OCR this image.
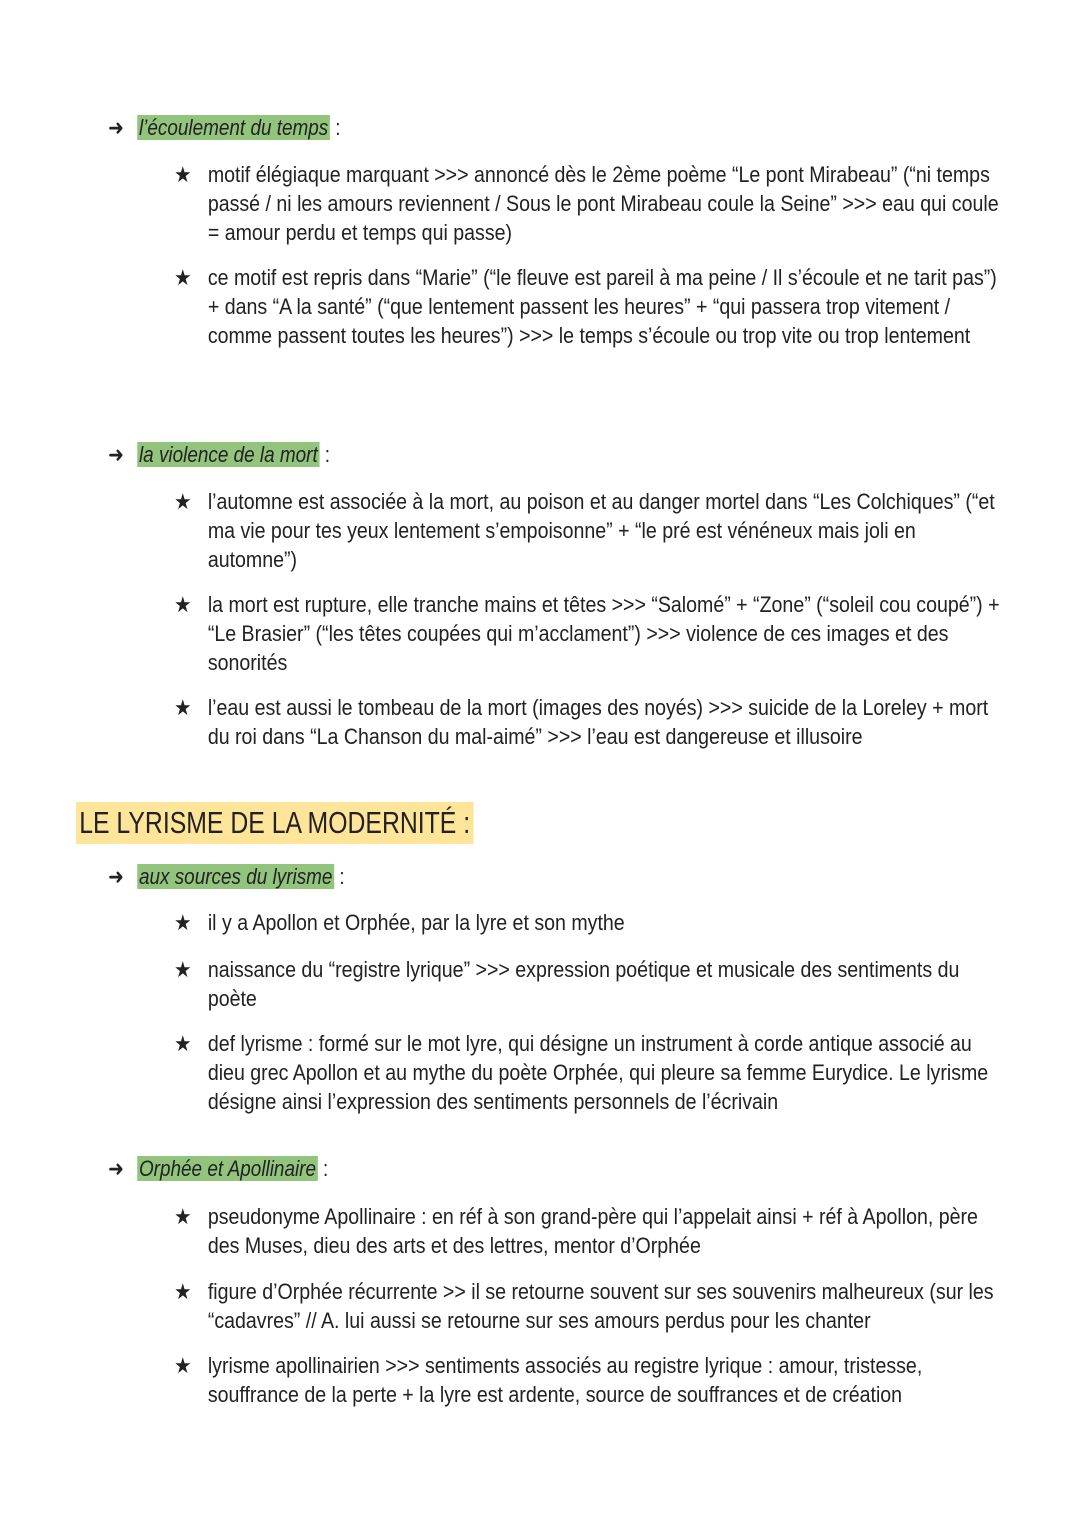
➜ l’écoulement du temps :
★ motif élégiaque marquant >>> annoncé dès le 2ème poème “Le pont Mirabeau” (“ni temps passé / ni les amours reviennent / Sous le pont Mirabeau coule la Seine” >>> eau qui coule = amour perdu et temps qui passe)
★ ce motif est repris dans “Marie” (“le fleuve est pareil à ma peine / Il s’écoule et ne tarit pas”) + dans “A la santé” (“que lentement passent les heures” + “qui passera trop vitement / comme passent toutes les heures”) >>> le temps s’écoule ou trop vite ou trop lentement
➜ la violence de la mort :
★ l’automne est associée à la mort, au poison et au danger mortel dans “Les Colchiques” (“et ma vie pour tes yeux lentement s’empoisonne” + “le pré est vénéneux mais joli en automne”)
★ la mort est rupture, elle tranche mains et têtes >>> “Salomé” + “Zone” (“soleil cou coupé”) + “Le Brasier” (“les têtes coupées qui m’acclament”) >>> violence de ces images et des sonorités
★ l’eau est aussi le tombeau de la mort (images des noyés) >>> suicide de la Loreley + mort du roi dans “La Chanson du mal-aimé” >>> l’eau est dangereuse et illusoire
LE LYRISME DE LA MODERNITÉ :
➜ aux sources du lyrisme :
★ il y a Apollon et Orphée, par la lyre et son mythe
★ naissance du “registre lyrique” >>> expression poétique et musicale des sentiments du poète
★ def lyrisme : formé sur le mot lyre, qui désigne un instrument à corde antique associé au dieu grec Apollon et au mythe du poète Orphée, qui pleure sa femme Eurydice. Le lyrisme désigne ainsi l’expression des sentiments personnels de l’écrivain
➜ Orphée et Apollinaire :
★ pseudonyme Apollinaire : en réf à son grand-père qui l’appelait ainsi + réf à Apollon, père des Muses, dieu des arts et des lettres, mentor d’Orphée
★ figure d’Orphée récurrente >> il se retourne souvent sur ses souvenirs malheureux (sur les “cadavres” // A. lui aussi se retourne sur ses amours perdus pour les chanter
★ lyrisme apollinairien >>> sentiments associés au registre lyrique : amour, tristesse, souffrance de la perte + la lyre est ardente, source de souffrances et de création
